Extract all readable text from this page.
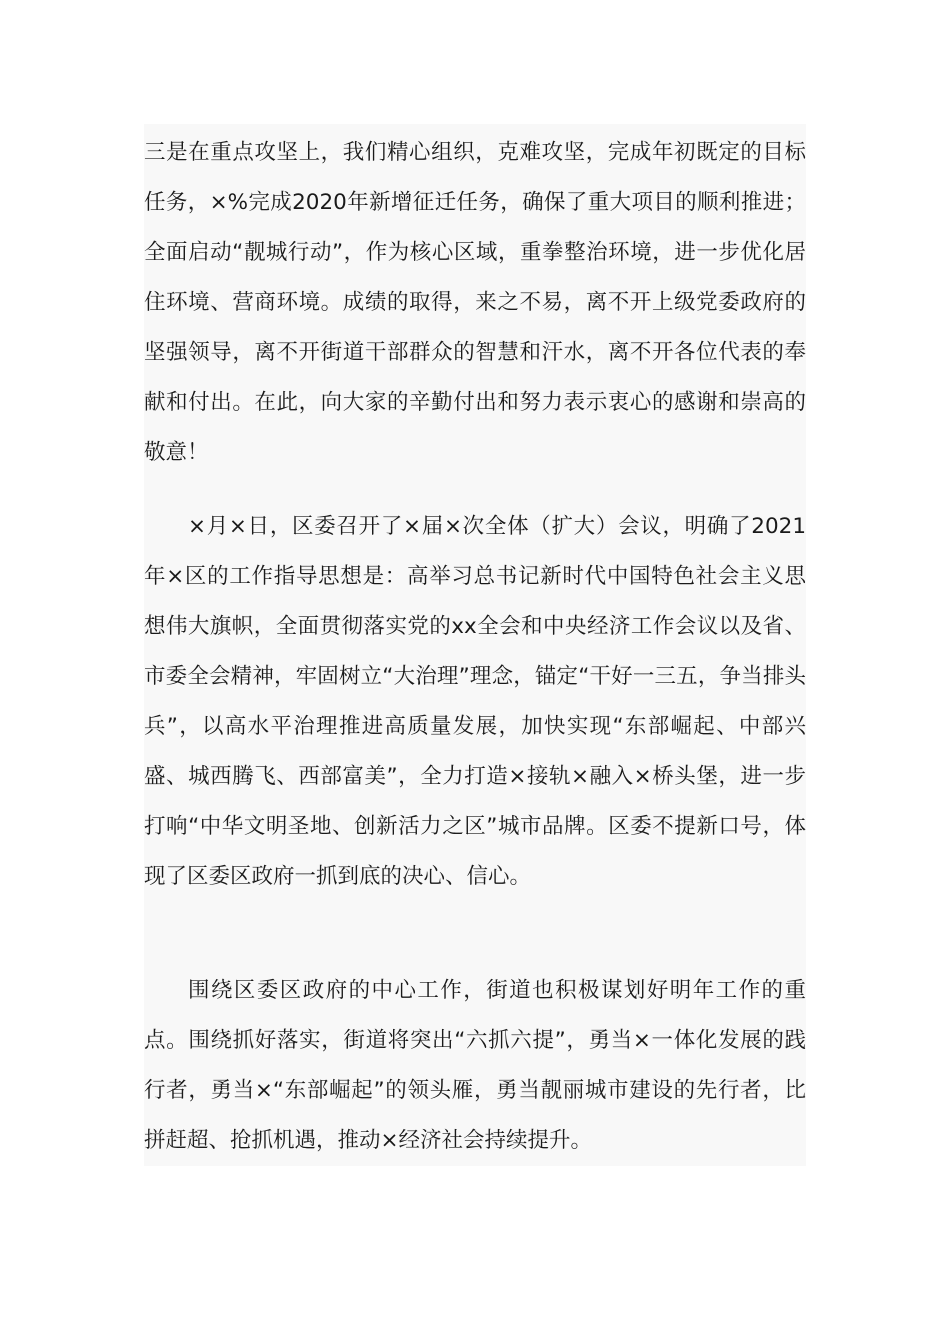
三是在重点攻坚上，我们精心组织，克难攻坚，完成年初既定的目标任务，×%完成2020年新增征迁任务，确保了重大项目的顺利推进；全面启动“靓城行动”，作为核心区域，重拳整治环境，进一步优化居住环境、营商环境。成绩的取得，来之不易，离不开上级党委政府的坚强领导，离不开街道干部群众的智慧和汗水，离不开各位代表的奉献和付出。在此，向大家的辛勤付出和努力表示衷心的感谢和崇高的敬意！

×月×日，区委召开了×届×次全体（扩大）会议，明确了2021年×区的工作指导思想是：高举习总书记新时代中国特色社会主义思想伟大旗帜，全面贯彻落实党的xx全会和中央经济工作会议以及省、市委全会精神，牢固树立“大治理”理念，锚定“干好一三五，争当排头兵”，以高水平治理推进高质量发展，加快实现“东部崛起、中部兴盛、城西腾飞、西部富美”，全力打造×接轨×融入×桥头堡，进一步打响“中华文明圣地、创新活力之区”城市品牌。区委不提新口号，体现了区委区政府一抓到底的决心、信心。

围绕区委区政府的中心工作，街道也积极谋划好明年工作的重点。围绕抓好落实，街道将突出“六抓六提”，勇当×一体化发展的践行者，勇当×“东部崛起”的领头雁，勇当靓丽城市建设的先行者，比拼赶超、抢抓机遇，推动×经济社会持续提升。
